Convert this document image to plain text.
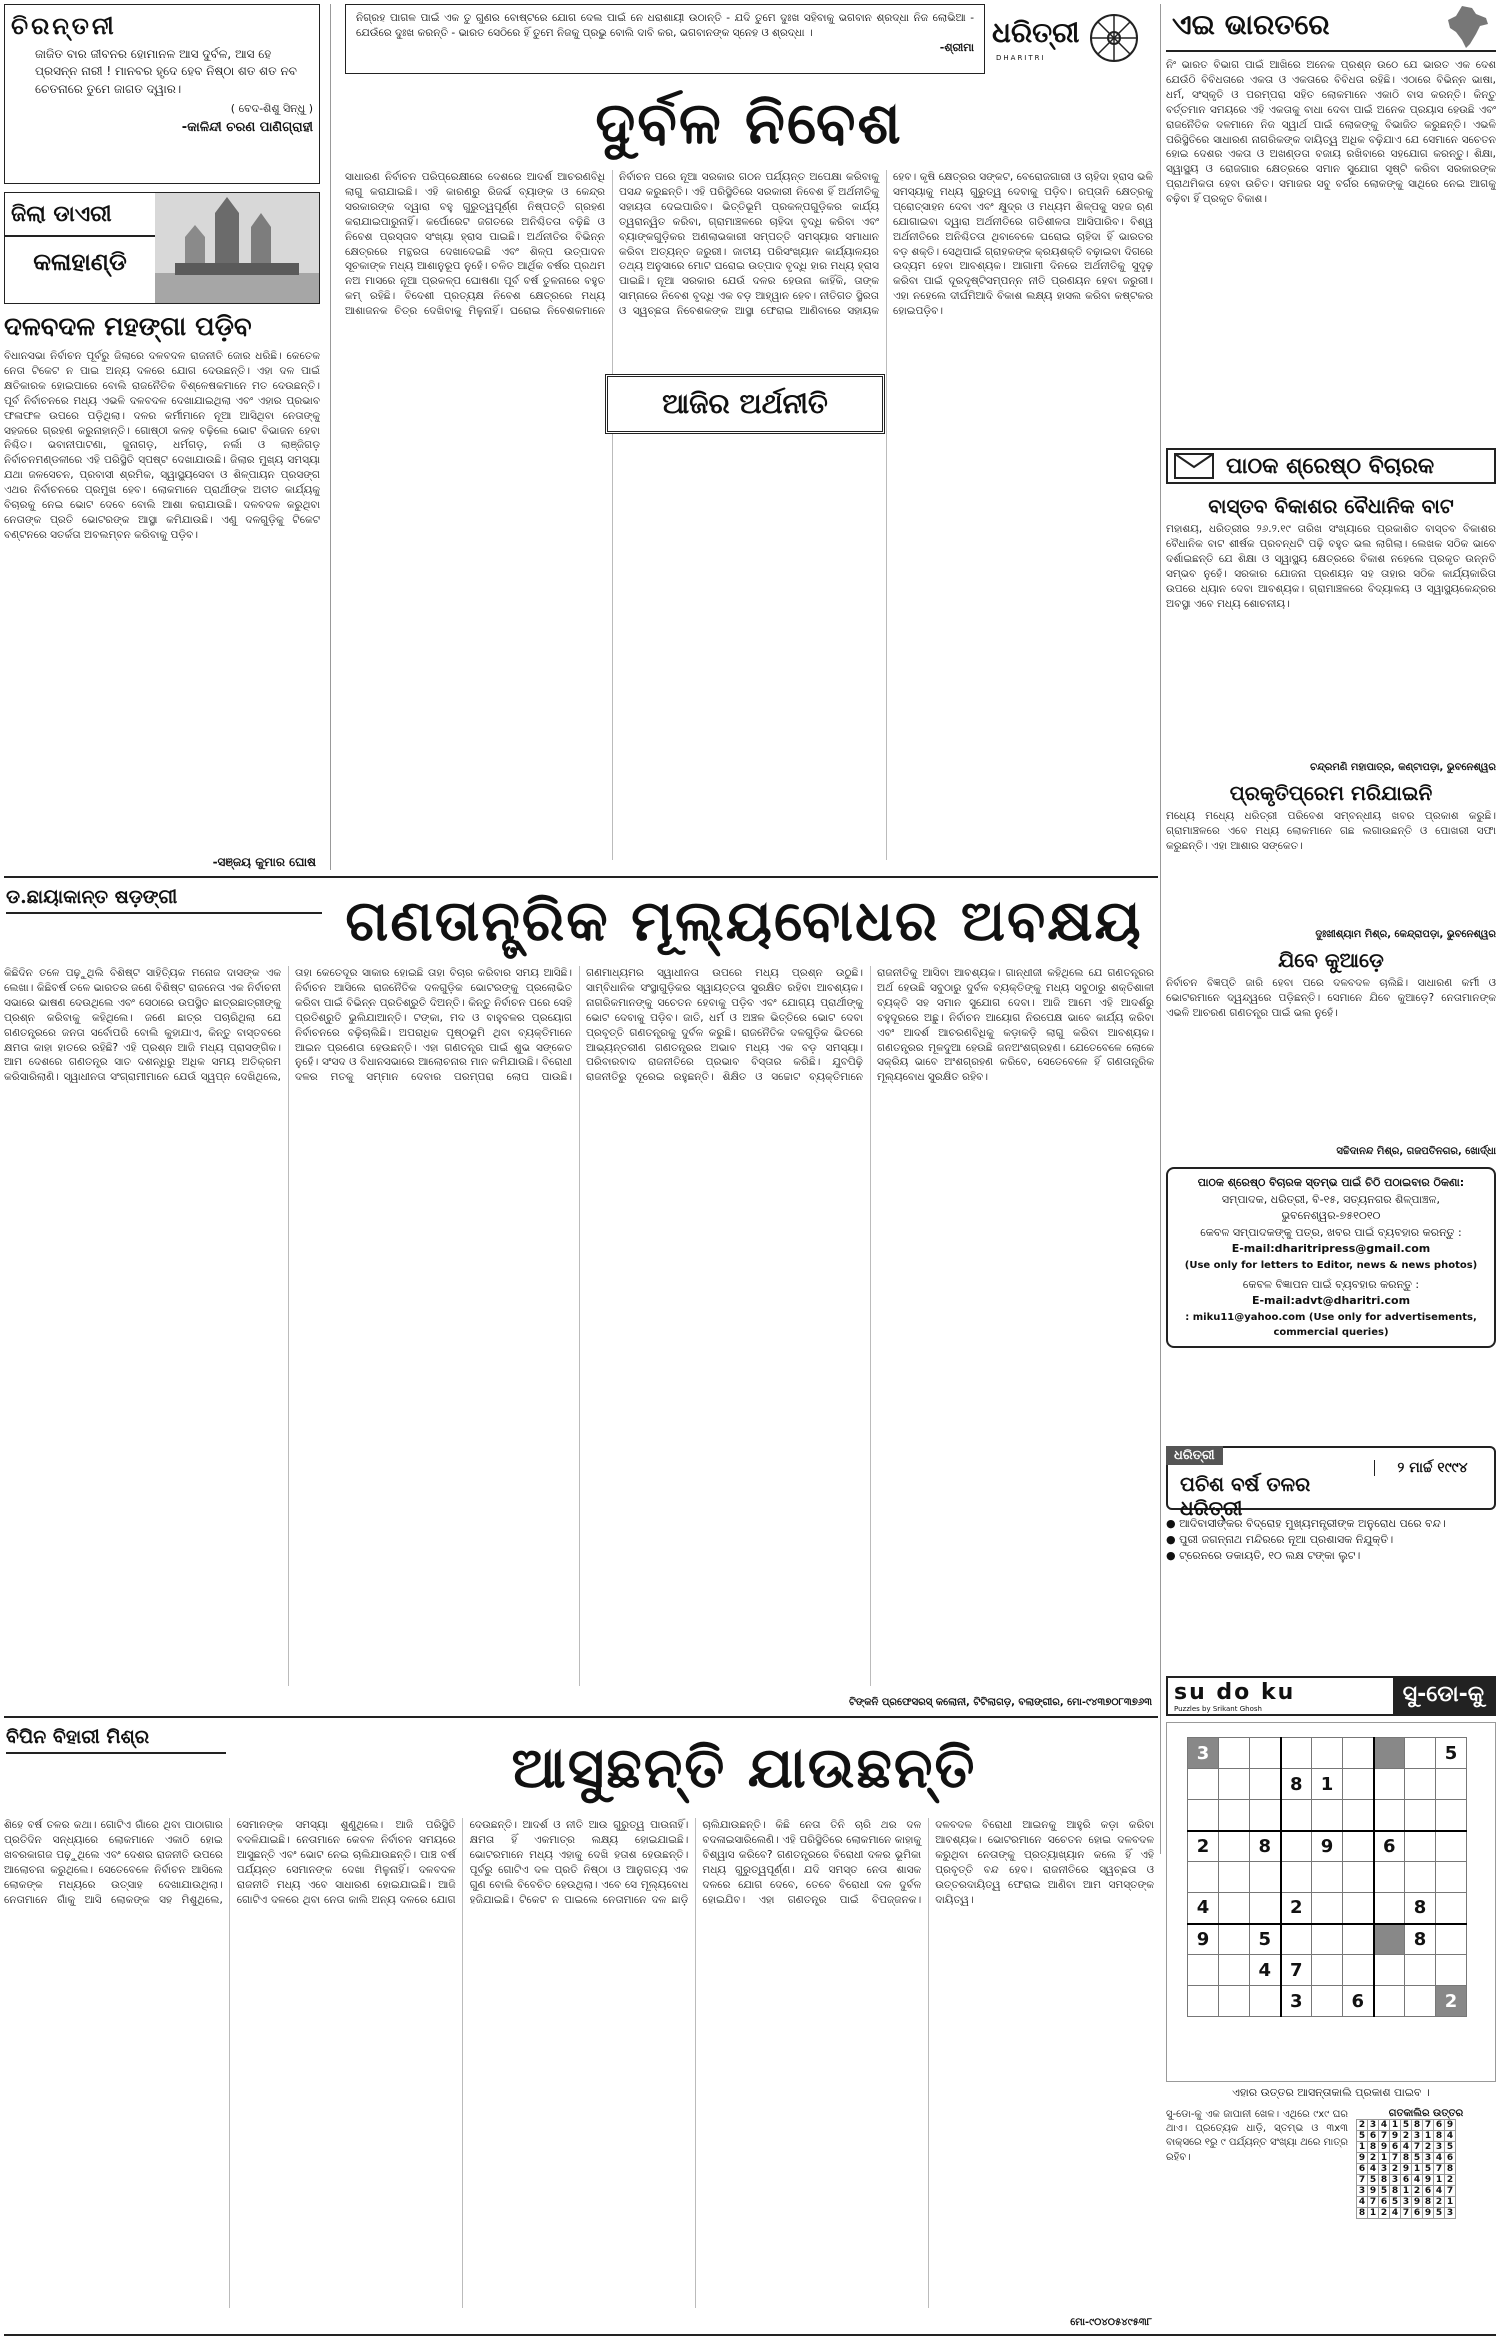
ଚିରନ୍ତନୀ
ଜାଜିତ ବାର ଜୀବନର ହୋମାନଳ ଆସ ଦୁର୍ବଳ, ଆସ ହେ ପ୍ରସନ୍ନ ନାରୀ ! ମାନବର ହୃଦେ ହେବ ନିଷ୍ଠା ଶତ ଶତ ନବ ଚେତନାରେ ତୁମେ ଜାଗତ ଦ୍ୱାର।
( ବେଦ-ଶିଶୁ ସିନ୍ଧୁ )
-କାଳିନ୍ଦୀ ଚରଣ ପାଣିଗ୍ରାହୀ
ନିଗ୍ରହ ପାଗଳ ପାଇଁ ଏକ ତୁ ଗୁଣର ବୋଷ୍ଟରେ ଯୋଗ ଦେଲ ପାଇଁ ନେ ଧରାଶାୟୀ ଉଠାନ୍ତି - ଯଦି ତୁମେ ଦୁଃଖ ସହିବାକୁ ଭଗବାନ ଶ୍ରଦ୍ଧା ନିଜ ଲୋଭିଆ - ଯେଉଁରେ ଦୁଃଖ କରନ୍ତି - ଭାରତ ସେଠିରେ ହିଁ ତୁମେ ନିଜକୁ ପ୍ରଭୁ ବୋଲି ଦାବି କର, ଭଗବାନଙ୍କ ସ୍ନେହ ଓ ଶ୍ରଦ୍ଧା ।
-ଶ୍ରୀମା ଧରିତ୍ରୀ
DHARITRI
ଏଇ ଭାରତରେ
ନିଂ ଭାରତ ବିଭାଗ ପାଇଁ ଆଖିରେ ଅନେକ ପ୍ରଶ୍ନ ଉଠେ ଯେ ଭାରତ ଏକ ଦେଶ ଯେଉଁଠି ବିବିଧତାରେ ଏକତା ଓ ଏକତାରେ ବିବିଧତା ରହିଛି। ଏଠାରେ ବିଭିନ୍ନ ଭାଷା, ଧର୍ମ, ସଂସ୍କୃତି ଓ ପରମ୍ପରା ସହିତ ଲୋକମାନେ ଏକାଠି ବାସ କରନ୍ତି। କିନ୍ତୁ ବର୍ତ୍ତମାନ ସମୟରେ ଏହି ଏକତାକୁ ବାଧା ଦେବା ପାଇଁ ଅନେକ ପ୍ରୟାସ ହେଉଛି ଏବଂ ରାଜନୈତିକ ଦଳମାନେ ନିଜ ସ୍ୱାର୍ଥ ପାଇଁ ଲୋକଙ୍କୁ ବିଭାଜିତ କରୁଛନ୍ତି। ଏଭଳି ପରିସ୍ଥିତିରେ ସାଧାରଣ ନାଗରିକଙ୍କ ଦାୟିତ୍ୱ ଅଧିକ ବଢ଼ିଯାଏ ଯେ ସେମାନେ ସଚେତନ ହୋଇ ଦେଶର ଏକତା ଓ ଅଖଣ୍ଡତା ବଜାୟ ରଖିବାରେ ସହଯୋଗ କରନ୍ତୁ। ଶିକ୍ଷା, ସ୍ୱାସ୍ଥ୍ୟ ଓ ରୋଜଗାର କ୍ଷେତ୍ରରେ ସମାନ ସୁଯୋଗ ସୃଷ୍ଟି କରିବା ସରକାରଙ୍କ ପ୍ରାଥମିକତା ହେବା ଉଚିତ। ସମାଜର ସବୁ ବର୍ଗର ଲୋକଙ୍କୁ ସାଥିରେ ନେଇ ଆଗକୁ ବଢ଼ିବା ହିଁ ପ୍ରକୃତ ବିକାଶ।
ଜିଲା ଡାଏରୀ
କଳାହାଣ୍ଡି
ଦଳବଦଳ ମହଙ୍ଗା ପଡ଼ିବ
ବିଧାନସଭା ନିର୍ବାଚନ ପୂର୍ବରୁ ଜିଲାରେ ଦଳବଦଳ ରାଜନୀତି ଜୋର ଧରିଛି। କେତେକ ନେତା ଟିକେଟ ନ ପାଇ ଅନ୍ୟ ଦଳରେ ଯୋଗ ଦେଉଛନ୍ତି। ଏହା ଦଳ ପାଇଁ କ୍ଷତିକାରକ ହୋଇପାରେ ବୋଲି ରାଜନୈତିକ ବିଶ୍ଳେଷକମାନେ ମତ ଦେଉଛନ୍ତି। ପୂର୍ବ ନିର୍ବାଚନରେ ମଧ୍ୟ ଏଭଳି ଦଳବଦଳ ଦେଖାଯାଇଥିଲା ଏବଂ ଏହାର ପ୍ରଭାବ ଫଳାଫଳ ଉପରେ ପଡ଼ିଥିଲା। ଦଳର କର୍ମୀମାନେ ନୂଆ ଆସିଥିବା ନେତାଙ୍କୁ ସହଜରେ ଗ୍ରହଣ କରୁନାହାନ୍ତି। ଗୋଷ୍ଠୀ କଳହ ବଢ଼ିଲେ ଭୋଟ ବିଭାଜନ ହେବା ନିଶ୍ଚିତ। ଭବାନୀପାଟଣା, ଜୁନାଗଡ଼, ଧର୍ମଗଡ଼, ନର୍ଲା ଓ ଲାଞ୍ଜିଗଡ଼ ନିର୍ବାଚନମଣ୍ଡଳୀରେ ଏହି ପରିସ୍ଥିତି ସ୍ପଷ୍ଟ ଦେଖାଯାଉଛି। ଜିଲାର ମୁଖ୍ୟ ସମସ୍ୟା ଯଥା ଜଳସେଚନ, ପ୍ରବାସୀ ଶ୍ରମିକ, ସ୍ୱାସ୍ଥ୍ୟସେବା ଓ ଶିଳ୍ପାୟନ ପ୍ରସଙ୍ଗ ଏଥର ନିର୍ବାଚନରେ ପ୍ରମୁଖ ହେବ। ଲୋକମାନେ ପ୍ରାର୍ଥୀଙ୍କ ଅତୀତ କାର୍ଯ୍ୟକୁ ବିଚାରକୁ ନେଇ ଭୋଟ ଦେବେ ବୋଲି ଆଶା କରାଯାଉଛି। ଦଳବଦଳ କରୁଥିବା ନେତାଙ୍କ ପ୍ରତି ଭୋଟରଙ୍କ ଆସ୍ଥା କମିଯାଉଛି। ଏଣୁ ଦଳଗୁଡ଼ିକୁ ଟିକେଟ ବଣ୍ଟନରେ ସତର୍କତା ଅବଲମ୍ବନ କରିବାକୁ ପଡ଼ିବ।
-ସଞ୍ଜୟ କୁମାର ଘୋଷ
ଦୁର୍ବଳ ନିବେଶ
ସାଧାରଣ ନିର୍ବାଚନ ପରିପ୍ରେକ୍ଷୀରେ ଦେଶରେ ଆଦର୍ଶ ଆଚରଣବିଧି ଲାଗୁ କରାଯାଇଛି। ଏହି କାରଣରୁ ରିଜର୍ଭ ବ୍ୟାଙ୍କ ଓ କେନ୍ଦ୍ର ସରକାରଙ୍କ ଦ୍ୱାରା ବହୁ ଗୁରୁତ୍ୱପୂର୍ଣ୍ଣ ନିଷ୍ପତ୍ତି ଗ୍ରହଣ କରାଯାଇପାରୁନାହିଁ। କର୍ପୋରେଟ ଜଗତରେ ଅନିଶ୍ଚିତତା ବଢ଼ିଛି ଓ ନିବେଶ ପ୍ରସ୍ତାବ ସଂଖ୍ୟା ହ୍ରାସ ପାଇଛି। ଅର୍ଥନୀତିର ବିଭିନ୍ନ କ୍ଷେତ୍ରରେ ମନ୍ଥରତା ଦେଖାଦେଇଛି ଏବଂ ଶିଳ୍ପ ଉତ୍ପାଦନ ସୂଚକାଙ୍କ ମଧ୍ୟ ଆଶାନୁରୂପ ନୁହେଁ। ଚଳିତ ଆର୍ଥିକ ବର୍ଷର ପ୍ରଥମ ନଅ ମାସରେ ନୂଆ ପ୍ରକଳ୍ପ ଘୋଷଣା ପୂର୍ବ ବର୍ଷ ତୁଳନାରେ ବହୁତ କମ୍ ରହିଛି। ବିଦେଶୀ ପ୍ରତ୍ୟକ୍ଷ ନିବେଶ କ୍ଷେତ୍ରରେ ମଧ୍ୟ ଆଶାଜନକ ଚିତ୍ର ଦେଖିବାକୁ ମିଳୁନାହିଁ। ଘରୋଇ ନିବେଶକମାନେ ନିର୍ବାଚନ ପରେ ନୂଆ ସରକାର ଗଠନ ପର୍ଯ୍ୟନ୍ତ ଅପେକ୍ଷା କରିବାକୁ ପସନ୍ଦ କରୁଛନ୍ତି। ଏହି ପରିସ୍ଥିତିରେ ସରକାରୀ ନିବେଶ ହିଁ ଅର୍ଥନୀତିକୁ ସହାୟତା ଦେଇପାରିବ। ଭିତ୍ତିଭୂମି ପ୍ରକଳ୍ପଗୁଡ଼ିକର କାର୍ଯ୍ୟ ତ୍ୱରାନ୍ୱିତ କରିବା, ଗ୍ରାମାଞ୍ଚଳରେ ଚାହିଦା ବୃଦ୍ଧି କରିବା ଏବଂ ବ୍ୟାଙ୍କଗୁଡ଼ିକର ଅଣଲାଭକାରୀ ସମ୍ପତ୍ତି ସମସ୍ୟାର ସମାଧାନ କରିବା ଅତ୍ୟନ୍ତ ଜରୁରୀ। ଜାତୀୟ ପରିସଂଖ୍ୟାନ କାର୍ଯ୍ୟାଳୟର ତଥ୍ୟ ଅନୁସାରେ ମୋଟ ଘରୋଇ ଉତ୍ପାଦ ବୃଦ୍ଧି ହାର ମଧ୍ୟ ହ୍ରାସ ପାଇଛି। ନୂଆ ସରକାର ଯେଉଁ ଦଳର ହେଉନା କାହିଁକି, ତାଙ୍କ ସାମ୍ନାରେ ନିବେଶ ବୃଦ୍ଧି ଏକ ବଡ଼ ଆହ୍ୱାନ ହେବ। ନୀତିଗତ ସ୍ଥିରତା ଓ ସ୍ୱଚ୍ଛତା ନିବେଶକଙ୍କ ଆସ୍ଥା ଫେରାଇ ଆଣିବାରେ ସହାୟକ ହେବ। କୃଷି କ୍ଷେତ୍ରର ସଙ୍କଟ, ବେରୋଜଗାରୀ ଓ ଚାହିଦା ହ୍ରାସ ଭଳି ସମସ୍ୟାକୁ ମଧ୍ୟ ଗୁରୁତ୍ୱ ଦେବାକୁ ପଡ଼ିବ। ରପ୍ତାନି କ୍ଷେତ୍ରକୁ ପ୍ରୋତ୍ସାହନ ଦେବା ଏବଂ କ୍ଷୁଦ୍ର ଓ ମଧ୍ୟମ ଶିଳ୍ପକୁ ସହଜ ଋଣ ଯୋଗାଇବା ଦ୍ୱାରା ଅର୍ଥନୀତିରେ ଗତିଶୀଳତା ଆସିପାରିବ। ବିଶ୍ୱ ଅର୍ଥନୀତିରେ ଅନିଶ୍ଚିତତା ଥିବାବେଳେ ଘରୋଇ ଚାହିଦା ହିଁ ଭାରତର ବଡ଼ ଶକ୍ତି। ସେଥିପାଇଁ ଗ୍ରାହକଙ୍କ କ୍ରୟଶକ୍ତି ବଢ଼ାଇବା ଦିଗରେ ଉଦ୍ୟମ ହେବା ଆବଶ୍ୟକ। ଆଗାମୀ ଦିନରେ ଅର୍ଥନୀତିକୁ ସୁଦୃଢ଼ କରିବା ପାଇଁ ଦୂରଦୃଷ୍ଟିସମ୍ପନ୍ନ ନୀତି ପ୍ରଣୟନ ହେବା ଜରୁରୀ। ଏହା ନହେଲେ ଦୀର୍ଘମିଆଦି ବିକାଶ ଲକ୍ଷ୍ୟ ହାସଲ କରିବା କଷ୍ଟକର ହୋଇପଡ଼ିବ।
ଆଜିର ଅର୍ଥନୀତି
ପାଠକ ଶ୍ରେଷ୍ଠ ବିଚାରକ
ବାସ୍ତବ ବିକାଶର ବୈଧାନିକ ବାଟ
ମହାଶୟ, ଧରିତ୍ରୀର ୨୬.୨.୧୯ ତାରିଖ ସଂଖ୍ୟାରେ ପ୍ରକାଶିତ ବାସ୍ତବ ବିକାଶର ବୈଧାନିକ ବାଟ ଶୀର୍ଷକ ପ୍ରବନ୍ଧଟି ପଢ଼ି ବହୁତ ଭଲ ଲାଗିଲା। ଲେଖକ ସଠିକ ଭାବେ ଦର୍ଶାଇଛନ୍ତି ଯେ ଶିକ୍ଷା ଓ ସ୍ୱାସ୍ଥ୍ୟ କ୍ଷେତ୍ରରେ ବିକାଶ ନହେଲେ ପ୍ରକୃତ ଉନ୍ନତି ସମ୍ଭବ ନୁହେଁ। ସରକାର ଯୋଜନା ପ୍ରଣୟନ ସହ ତାହାର ସଠିକ କାର୍ଯ୍ୟକାରିତା ଉପରେ ଧ୍ୟାନ ଦେବା ଆବଶ୍ୟକ। ଗ୍ରାମାଞ୍ଚଳରେ ବିଦ୍ୟାଳୟ ଓ ସ୍ୱାସ୍ଥ୍ୟକେନ୍ଦ୍ରର ଅବସ୍ଥା ଏବେ ମଧ୍ୟ ଶୋଚନୀୟ।
ଚନ୍ଦ୍ରମଣି ମହାପାତ୍ର, କଣ୍ଟାପଡ଼ା, ଭୁବନେଶ୍ୱର
ପ୍ରକୃତିପ୍ରେମ ମରିଯାଇନି
ମଧ୍ୟେ ମଧ୍ୟେ ଧରିତ୍ରୀ ପରିବେଶ ସମ୍ବନ୍ଧୀୟ ଖବର ପ୍ରକାଶ କରୁଛି। ଗ୍ରାମାଞ୍ଚଳରେ ଏବେ ମଧ୍ୟ ଲୋକମାନେ ଗଛ ଲଗାଉଛନ୍ତି ଓ ପୋଖରୀ ସଫା କରୁଛନ୍ତି। ଏହା ଆଶାର ସଙ୍କେତ।
ଦୁଃଖୀଶ୍ୟାମ ମିଶ୍ର, କେନ୍ଦ୍ରାପଡ଼ା, ଭୁବନେଶ୍ୱର
ଯିବେ କୁଆଡ଼େ
ନିର୍ବାଚନ ବିଜ୍ଞପ୍ତି ଜାରି ହେବା ପରେ ଦଳବଦଳ ଚାଲିଛି। ସାଧାରଣ କର୍ମୀ ଓ ଭୋଟରମାନେ ଦ୍ୱନ୍ଦ୍ୱରେ ପଡ଼ିଛନ୍ତି। ସେମାନେ ଯିବେ କୁଆଡ଼େ? ନେତାମାନଙ୍କ ଏଭଳି ଆଚରଣ ଗଣତନ୍ତ୍ର ପାଇଁ ଭଲ ନୁହେଁ।
ସଚ୍ଚିଦାନନ୍ଦ ମିଶ୍ର, ଗଜପତିନଗର, ଖୋର୍ଦ୍ଧା
ପାଠକ ଶ୍ରେଷ୍ଠ ବିଚାରକ ସ୍ତମ୍ଭ ପାଇଁ ଚିଠି ପଠାଇବାର ଠିକଣା:
ସମ୍ପାଦକ, ଧରିତ୍ରୀ, ବି-୧୫, ସତ୍ୟନଗର ଶିଳ୍ପାଞ୍ଚଳ, ଭୁବନେଶ୍ୱର-୭୫୧୦୧୦
କେବଳ ସମ୍ପାଦକଙ୍କୁ ପତ୍ର, ଖବର ପାଇଁ ବ୍ୟବହାର କରନ୍ତୁ :
E-mail:dharitripress@gmail.com
(Use only for letters to Editor, news & news photos)
କେବଳ ବିଜ୍ଞାପନ ପାଇଁ ବ୍ୟବହାର କରନ୍ତୁ :
E-mail:advt@dharitri.com
: miku11@yahoo.com (Use only for advertisements, commercial queries)
ଧରିତ୍ରୀ
ପଚିଶ ବର୍ଷ ତଳର ଧରିତ୍ରୀ
୨ ମାର୍ଚ୍ଚ ୧୯୯୪
● ଆଦିବାସୀଙ୍କର ବିଦ୍ରୋହ ମୁଖ୍ୟମନ୍ତ୍ରୀଙ୍କ ଅନୁରୋଧ ପରେ ବନ୍ଦ।
● ପୁରୀ ଜଗନ୍ନାଥ ମନ୍ଦିରରେ ନୂଆ ପ୍ରଶାସକ ନିଯୁକ୍ତି।
● ଟ୍ରେନରେ ଡକାୟତି, ୧୦ ଲକ୍ଷ ଟଙ୍କା ଲୁଟ।
su do ku
Puzzles by Srikant Ghosh
ସୁ-ଡୋ-କୁ
3								5
			8	1				

2		8		9		6		

4			2				8	
9		5					8	
		4	7					
			3		6			2
ଏହାର ଉତ୍ତର ଆସନ୍ତାକାଲି ପ୍ରକାଶ ପାଇବ ।
ସୁ-ଡୋ-କୁ ଏକ ଜାପାନୀ ଖେଳ। ଏଥିରେ ୯x୯ ଘର ଥାଏ। ପ୍ରତ୍ୟେକ ଧାଡ଼ି, ସ୍ତମ୍ଭ ଓ ୩x୩ ବାକ୍ସରେ ୧ରୁ ୯ ପର୍ଯ୍ୟନ୍ତ ସଂଖ୍ୟା ଥରେ ମାତ୍ର ରହିବ।
ଗତକାଲିର ଉତ୍ତର
2	3	4	1	5	8	7	6	9
5	6	7	9	2	3	1	8	4
1	8	9	6	4	7	2	3	5
9	2	1	7	8	5	3	4	6
6	4	3	2	9	1	5	7	8
7	5	8	3	6	4	9	1	2
3	9	5	8	1	2	6	4	7
4	7	6	5	3	9	8	2	1
8	1	2	4	7	6	9	5	3
ଡ.ଛାୟାକାନ୍ତ ଷଡ଼ଙ୍ଗୀ	ଗଣତାନ୍ତ୍ରିକ ମୂଲ୍ୟବୋଧର ଅବକ୍ଷୟ
କିଛିଦିନ ତଳେ ପଢ଼ୁଥିଲି ବିଶିଷ୍ଟ ସାହିତ୍ୟିକ ମନୋଜ ଦାସଙ୍କ ଏକ ଲେଖା। କିଛିବର୍ଷ ତଳେ ଭାରତର ଜଣେ ବିଶିଷ୍ଟ ରାଜନେତା ଏକ ନିର୍ବାଚନୀ ସଭାରେ ଭାଷଣ ଦେଉଥିଲେ ଏବଂ ସେଠାରେ ଉପସ୍ଥିତ ଛାତ୍ରଛାତ୍ରୀଙ୍କୁ ପ୍ରଶ୍ନ କରିବାକୁ କହିଥିଲେ। ଜଣେ ଛାତ୍ର ପଚାରିଥିଲା ଯେ ଗଣତନ୍ତ୍ରରେ ଜନତା ସର୍ବୋପରି ବୋଲି କୁହାଯାଏ, କିନ୍ତୁ ବାସ୍ତବରେ କ୍ଷମତା କାହା ହାତରେ ରହିଛି? ଏହି ପ୍ରଶ୍ନ ଆଜି ମଧ୍ୟ ପ୍ରାସଙ୍ଗିକ। ଆମ ଦେଶରେ ଗଣତନ୍ତ୍ର ସାତ ଦଶନ୍ଧିରୁ ଅଧିକ ସମୟ ଅତିକ୍ରମ କରିସାରିଲାଣି। ସ୍ୱାଧୀନତା ସଂଗ୍ରାମୀମାନେ ଯେଉଁ ସ୍ୱପ୍ନ ଦେଖିଥିଲେ, ତାହା କେତେଦୂର ସାକାର ହୋଇଛି ତାହା ବିଚାର କରିବାର ସମୟ ଆସିଛି। ନିର୍ବାଚନ ଆସିଲେ ରାଜନୈତିକ ଦଳଗୁଡ଼ିକ ଭୋଟରଙ୍କୁ ପ୍ରଲୋଭିତ କରିବା ପାଇଁ ବିଭିନ୍ନ ପ୍ରତିଶ୍ରୁତି ଦିଅନ୍ତି। କିନ୍ତୁ ନିର୍ବାଚନ ପରେ ସେହି ପ୍ରତିଶ୍ରୁତି ଭୁଲିଯାଆନ୍ତି। ଟଙ୍କା, ମଦ ଓ ବାହୁବଳର ପ୍ରୟୋଗ ନିର୍ବାଚନରେ ବଢ଼ିଚାଲିଛି। ଅପରାଧିକ ପୃଷ୍ଠଭୂମି ଥିବା ବ୍ୟକ୍ତିମାନେ ଆଇନ ପ୍ରଣେତା ହେଉଛନ୍ତି। ଏହା ଗଣତନ୍ତ୍ର ପାଇଁ ଶୁଭ ସଙ୍କେତ ନୁହେଁ। ସଂସଦ ଓ ବିଧାନସଭାରେ ଆଲୋଚନାର ମାନ କମିଯାଉଛି। ବିରୋଧୀ ଦଳର ମତକୁ ସମ୍ମାନ ଦେବାର ପରମ୍ପରା ଲୋପ ପାଉଛି। ଗଣମାଧ୍ୟମର ସ୍ୱାଧୀନତା ଉପରେ ମଧ୍ୟ ପ୍ରଶ୍ନ ଉଠୁଛି। ସାମ୍ବିଧାନିକ ସଂସ୍ଥାଗୁଡ଼ିକର ସ୍ୱାୟତ୍ତତା ସୁରକ୍ଷିତ ରହିବା ଆବଶ୍ୟକ। ନାଗରିକମାନଙ୍କୁ ସଚେତନ ହେବାକୁ ପଡ଼ିବ ଏବଂ ଯୋଗ୍ୟ ପ୍ରାର୍ଥୀଙ୍କୁ ଭୋଟ ଦେବାକୁ ପଡ଼ିବ। ଜାତି, ଧର୍ମ ଓ ଅଞ୍ଚଳ ଭିତ୍ତିରେ ଭୋଟ ଦେବା ପ୍ରବୃତ୍ତି ଗଣତନ୍ତ୍ରକୁ ଦୁର୍ବଳ କରୁଛି। ରାଜନୈତିକ ଦଳଗୁଡ଼ିକ ଭିତରେ ଆଭ୍ୟନ୍ତରୀଣ ଗଣତନ୍ତ୍ରର ଅଭାବ ମଧ୍ୟ ଏକ ବଡ଼ ସମସ୍ୟା। ପରିବାରବାଦ ରାଜନୀତିରେ ପ୍ରଭାବ ବିସ୍ତାର କରିଛି। ଯୁବପିଢ଼ି ରାଜନୀତିରୁ ଦୂରେଇ ରହୁଛନ୍ତି। ଶିକ୍ଷିତ ଓ ସଚ୍ଚୋଟ ବ୍ୟକ୍ତିମାନେ ରାଜନୀତିକୁ ଆସିବା ଆବଶ୍ୟକ। ଗାନ୍ଧୀଜୀ କହିଥିଲେ ଯେ ଗଣତନ୍ତ୍ରର ଅର୍ଥ ହେଉଛି ସବୁଠାରୁ ଦୁର୍ବଳ ବ୍ୟକ୍ତିଙ୍କୁ ମଧ୍ୟ ସବୁଠାରୁ ଶକ୍ତିଶାଳୀ ବ୍ୟକ୍ତି ସହ ସମାନ ସୁଯୋଗ ଦେବା। ଆଜି ଆମେ ଏହି ଆଦର୍ଶରୁ ବହୁଦୂରରେ ଅଛୁ। ନିର୍ବାଚନ ଆୟୋଗ ନିରପେକ୍ଷ ଭାବେ କାର୍ଯ୍ୟ କରିବା ଏବଂ ଆଦର୍ଶ ଆଚରଣବିଧିକୁ କଡ଼ାକଡ଼ି ଲାଗୁ କରିବା ଆବଶ୍ୟକ। ଗଣତନ୍ତ୍ରର ମୂଳଦୁଆ ହେଉଛି ଜନଅଂଶଗ୍ରହଣ। ଯେତେବେଳେ ଲୋକେ ସକ୍ରିୟ ଭାବେ ଅଂଶଗ୍ରହଣ କରିବେ, ସେତେବେଳେ ହିଁ ଗଣତାନ୍ତ୍ରିକ ମୂଲ୍ୟବୋଧ ସୁରକ୍ଷିତ ରହିବ।
ଟିଙ୍କନି ପ୍ରଫେସରସ୍ କଲୋନୀ, ଟିଟିଲାଗଡ଼, ବଲାଙ୍ଗୀର, ମୋ-୯୪୩୭୦୮୩୭୬୩
ବିପିନ ବିହାରୀ ମିଶ୍ର	ଆସୁଛନ୍ତି ଯାଉଛନ୍ତି
ଶିହେ ବର୍ଷ ତଳର କଥା। ଗୋଟିଏ ଗାଁରେ ଥିବା ପାଠାଗାର ପ୍ରତିଦିନ ସନ୍ଧ୍ୟାରେ ଲୋକମାନେ ଏକାଠି ହୋଇ ଖବରକାଗଜ ପଢ଼ୁଥିଲେ ଏବଂ ଦେଶର ରାଜନୀତି ଉପରେ ଆଲୋଚନା କରୁଥିଲେ। ସେତେବେଳେ ନିର୍ବାଚନ ଆସିଲେ ଲୋକଙ୍କ ମଧ୍ୟରେ ଉତ୍ସାହ ଦେଖାଯାଉଥିଲା। ନେତାମାନେ ଗାଁକୁ ଆସି ଲୋକଙ୍କ ସହ ମିଶୁଥିଲେ, ସେମାନଙ୍କ ସମସ୍ୟା ଶୁଣୁଥିଲେ। ଆଜି ପରିସ୍ଥିତି ବଦଳିଯାଇଛି। ନେତାମାନେ କେବଳ ନିର୍ବାଚନ ସମୟରେ ଆସୁଛନ୍ତି ଏବଂ ଭୋଟ ନେଇ ଚାଲିଯାଉଛନ୍ତି। ପାଞ୍ଚ ବର୍ଷ ପର୍ଯ୍ୟନ୍ତ ସେମାନଙ୍କ ଦେଖା ମିଳୁନାହିଁ। ଦଳବଦଳ ରାଜନୀତି ମଧ୍ୟ ଏବେ ସାଧାରଣ ହୋଇଯାଇଛି। ଆଜି ଗୋଟିଏ ଦଳରେ ଥିବା ନେତା କାଲି ଅନ୍ୟ ଦଳରେ ଯୋଗ ଦେଉଛନ୍ତି। ଆଦର୍ଶ ଓ ନୀତି ଆଉ ଗୁରୁତ୍ୱ ପାଉନାହିଁ। କ୍ଷମତା ହିଁ ଏକମାତ୍ର ଲକ୍ଷ୍ୟ ହୋଇଯାଇଛି। ଭୋଟରମାନେ ମଧ୍ୟ ଏହାକୁ ଦେଖି ହତାଶ ହେଉଛନ୍ତି। ପୂର୍ବରୁ ଗୋଟିଏ ଦଳ ପ୍ରତି ନିଷ୍ଠା ଓ ଆନୁଗତ୍ୟ ଏକ ଗୁଣ ବୋଲି ବିବେଚିତ ହେଉଥିଲା। ଏବେ ସେ ମୂଲ୍ୟବୋଧ ହଜିଯାଇଛି। ଟିକେଟ ନ ପାଇଲେ ନେତାମାନେ ଦଳ ଛାଡ଼ି ଚାଲିଯାଉଛନ୍ତି। କିଛି ନେତା ତିନି ଚାରି ଥର ଦଳ ବଦଳାଇସାରିଲେଣି। ଏହି ପରିସ୍ଥିତିରେ ଲୋକମାନେ କାହାକୁ ବିଶ୍ୱାସ କରିବେ? ଗଣତନ୍ତ୍ରରେ ବିରୋଧୀ ଦଳର ଭୂମିକା ମଧ୍ୟ ଗୁରୁତ୍ୱପୂର୍ଣ୍ଣ। ଯଦି ସମସ୍ତ ନେତା ଶାସକ ଦଳରେ ଯୋଗ ଦେବେ, ତେବେ ବିରୋଧୀ ଦଳ ଦୁର୍ବଳ ହୋଇଯିବ। ଏହା ଗଣତନ୍ତ୍ର ପାଇଁ ବିପଜ୍ଜନକ। ଦଳବଦଳ ବିରୋଧୀ ଆଇନକୁ ଆହୁରି କଡ଼ା କରିବା ଆବଶ୍ୟକ। ଭୋଟରମାନେ ସଚେତନ ହୋଇ ଦଳବଦଳ କରୁଥିବା ନେତାଙ୍କୁ ପ୍ରତ୍ୟାଖ୍ୟାନ କଲେ ହିଁ ଏହି ପ୍ରବୃତ୍ତି ବନ୍ଦ ହେବ। ରାଜନୀତିରେ ସ୍ୱଚ୍ଛତା ଓ ଉତ୍ତରଦାୟିତ୍ୱ ଫେରାଇ ଆଣିବା ଆମ ସମସ୍ତଙ୍କ ଦାୟିତ୍ୱ।
ମୋ-୯୦୪୦୫୪୯୫୩୮
